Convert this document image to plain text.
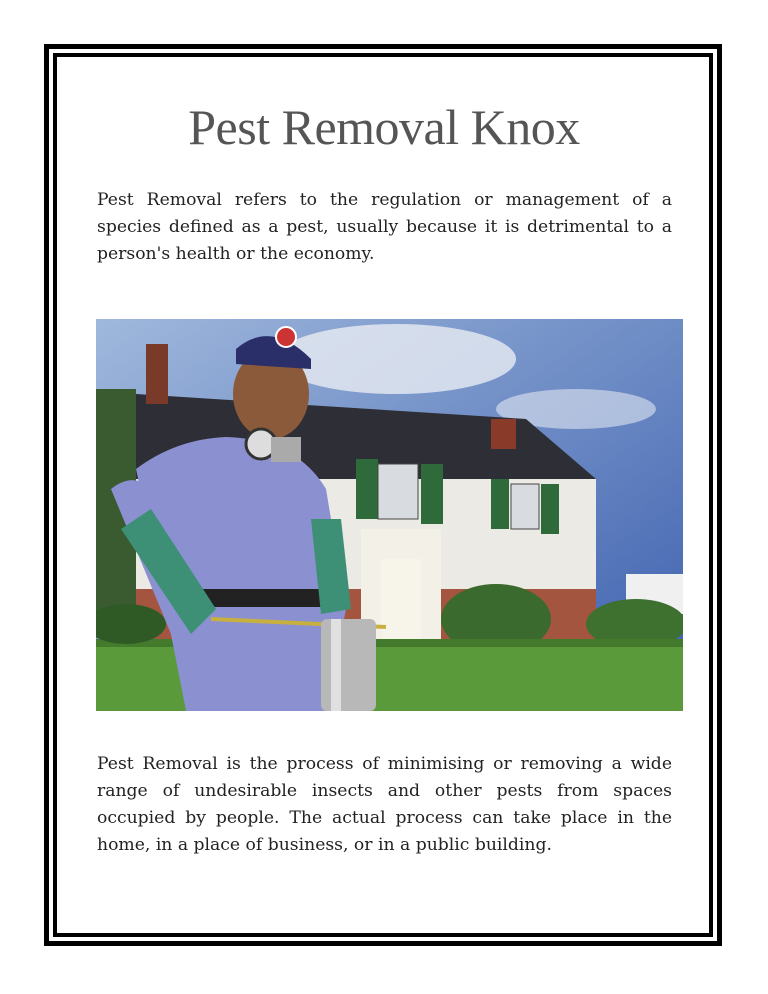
Pest Removal Knox

Pest Removal refers to the regulation or management of a species defined as a pest, usually because it is detrimental to a person's health or the economy.

Pest Removal is the process of minimising or removing a wide range of undesirable insects and other pests from spaces occupied by people. The actual process can take place in the home, in a place of business, or in a public building.
